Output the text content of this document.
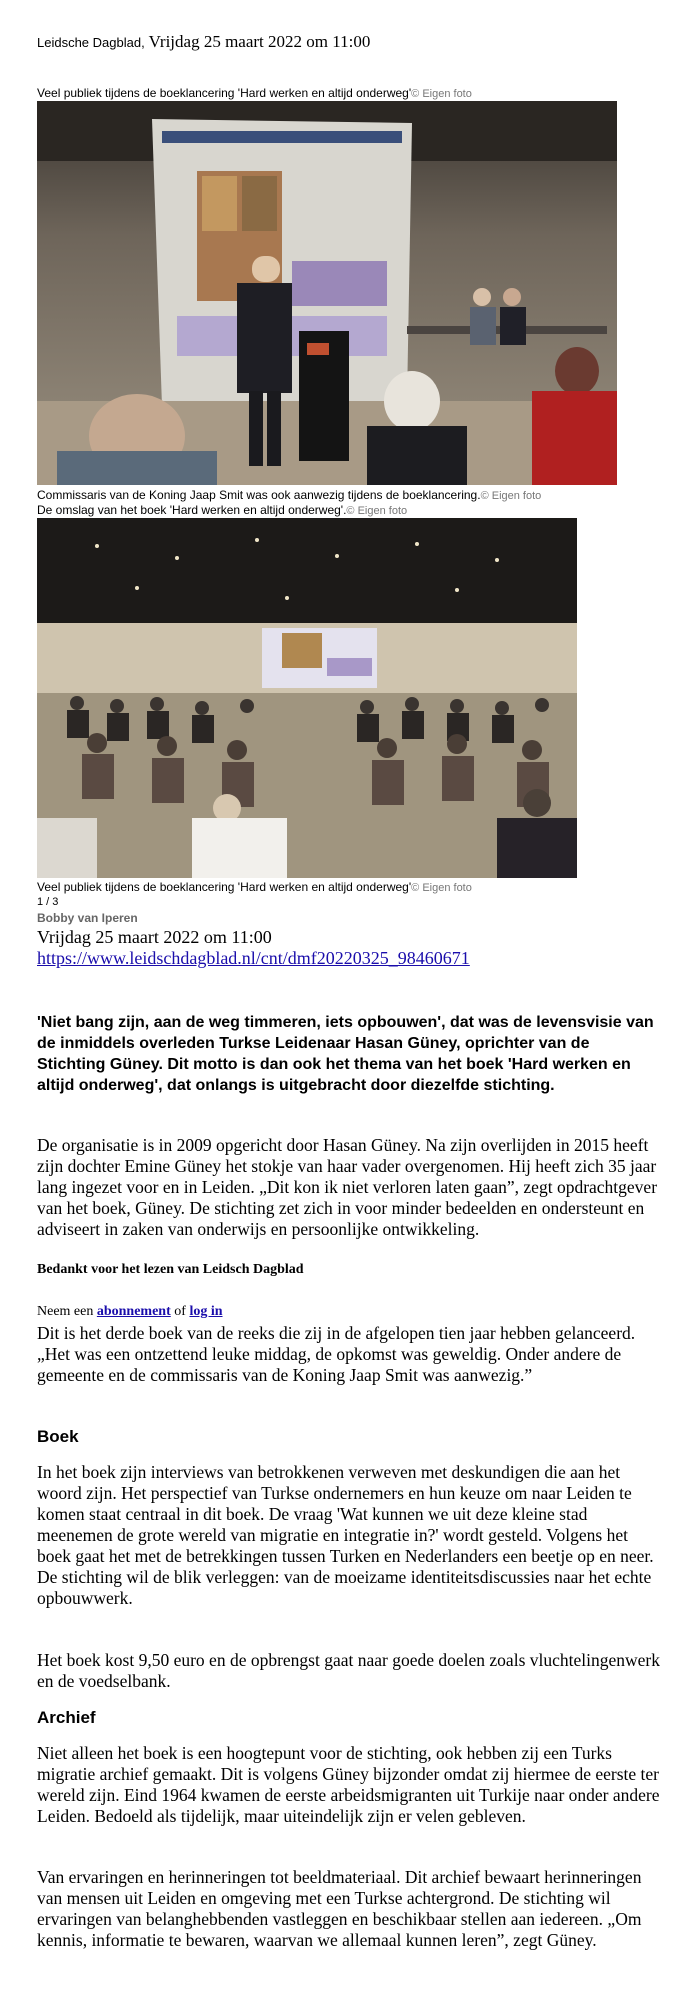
Leidsche Dagblad, Vrijdag 25 maart 2022 om 11:00
Veel publiek tijdens de boeklancering 'Hard werken en altijd onderweg'© Eigen foto
Commissaris van de Koning Jaap Smit was ook aanwezig tijdens de boeklancering.© Eigen foto
De omslag van het boek 'Hard werken en altijd onderweg'.© Eigen foto
Veel publiek tijdens de boeklancering 'Hard werken en altijd onderweg'© Eigen foto
1 / 3
Bobby van Iperen
Vrijdag 25 maart 2022 om 11:00
https://www.leidschdagblad.nl/cnt/dmf20220325_98460671
'Niet bang zijn, aan de weg timmeren, iets opbouwen', dat was de levensvisie van de inmiddels overleden Turkse Leidenaar Hasan Güney, oprichter van de Stichting Güney. Dit motto is dan ook het thema van het boek 'Hard werken en altijd onderweg', dat onlangs is uitgebracht door diezelfde stichting.
De organisatie is in 2009 opgericht door Hasan Güney. Na zijn overlijden in 2015 heeft zijn dochter Emine Güney het stokje van haar vader overgenomen. Hij heeft zich 35 jaar lang ingezet voor en in Leiden. „Dit kon ik niet verloren laten gaan”, zegt opdrachtgever van het boek, Güney. De stichting zet zich in voor minder bedeelden en ondersteunt en adviseert in zaken van onderwijs en persoonlijke ontwikkeling.
Bedankt voor het lezen van Leidsch Dagblad
Neem een abonnement of log in
Dit is het derde boek van de reeks die zij in de afgelopen tien jaar hebben gelanceerd. „Het was een ontzettend leuke middag, de opkomst was geweldig. Onder andere de gemeente en de commissaris van de Koning Jaap Smit was aanwezig.”
Boek
In het boek zijn interviews van betrokkenen verweven met deskundigen die aan het woord zijn. Het perspectief van Turkse ondernemers en hun keuze om naar Leiden te komen staat centraal in dit boek. De vraag 'Wat kunnen we uit deze kleine stad meenemen de grote wereld van migratie en integratie in?' wordt gesteld. Volgens het boek gaat het met de betrekkingen tussen Turken en Nederlanders een beetje op en neer. De stichting wil de blik verleggen: van de moeizame identiteitsdiscussies naar het echte opbouwwerk.
Het boek kost 9,50 euro en de opbrengst gaat naar goede doelen zoals vluchtelingenwerk en de voedselbank.
Archief
Niet alleen het boek is een hoogtepunt voor de stichting, ook hebben zij een Turks migratie archief gemaakt. Dit is volgens Güney bijzonder omdat zij hiermee de eerste ter wereld zijn. Eind 1964 kwamen de eerste arbeidsmigranten uit Turkije naar onder andere Leiden. Bedoeld als tijdelijk, maar uiteindelijk zijn er velen gebleven.
Van ervaringen en herinneringen tot beeldmateriaal. Dit archief bewaart herinneringen van mensen uit Leiden en omgeving met een Turkse achtergrond. De stichting wil ervaringen van belanghebbenden vastleggen en beschikbaar stellen aan iedereen. „Om kennis, informatie te bewaren, waarvan we allemaal kunnen leren”, zegt Güney.
